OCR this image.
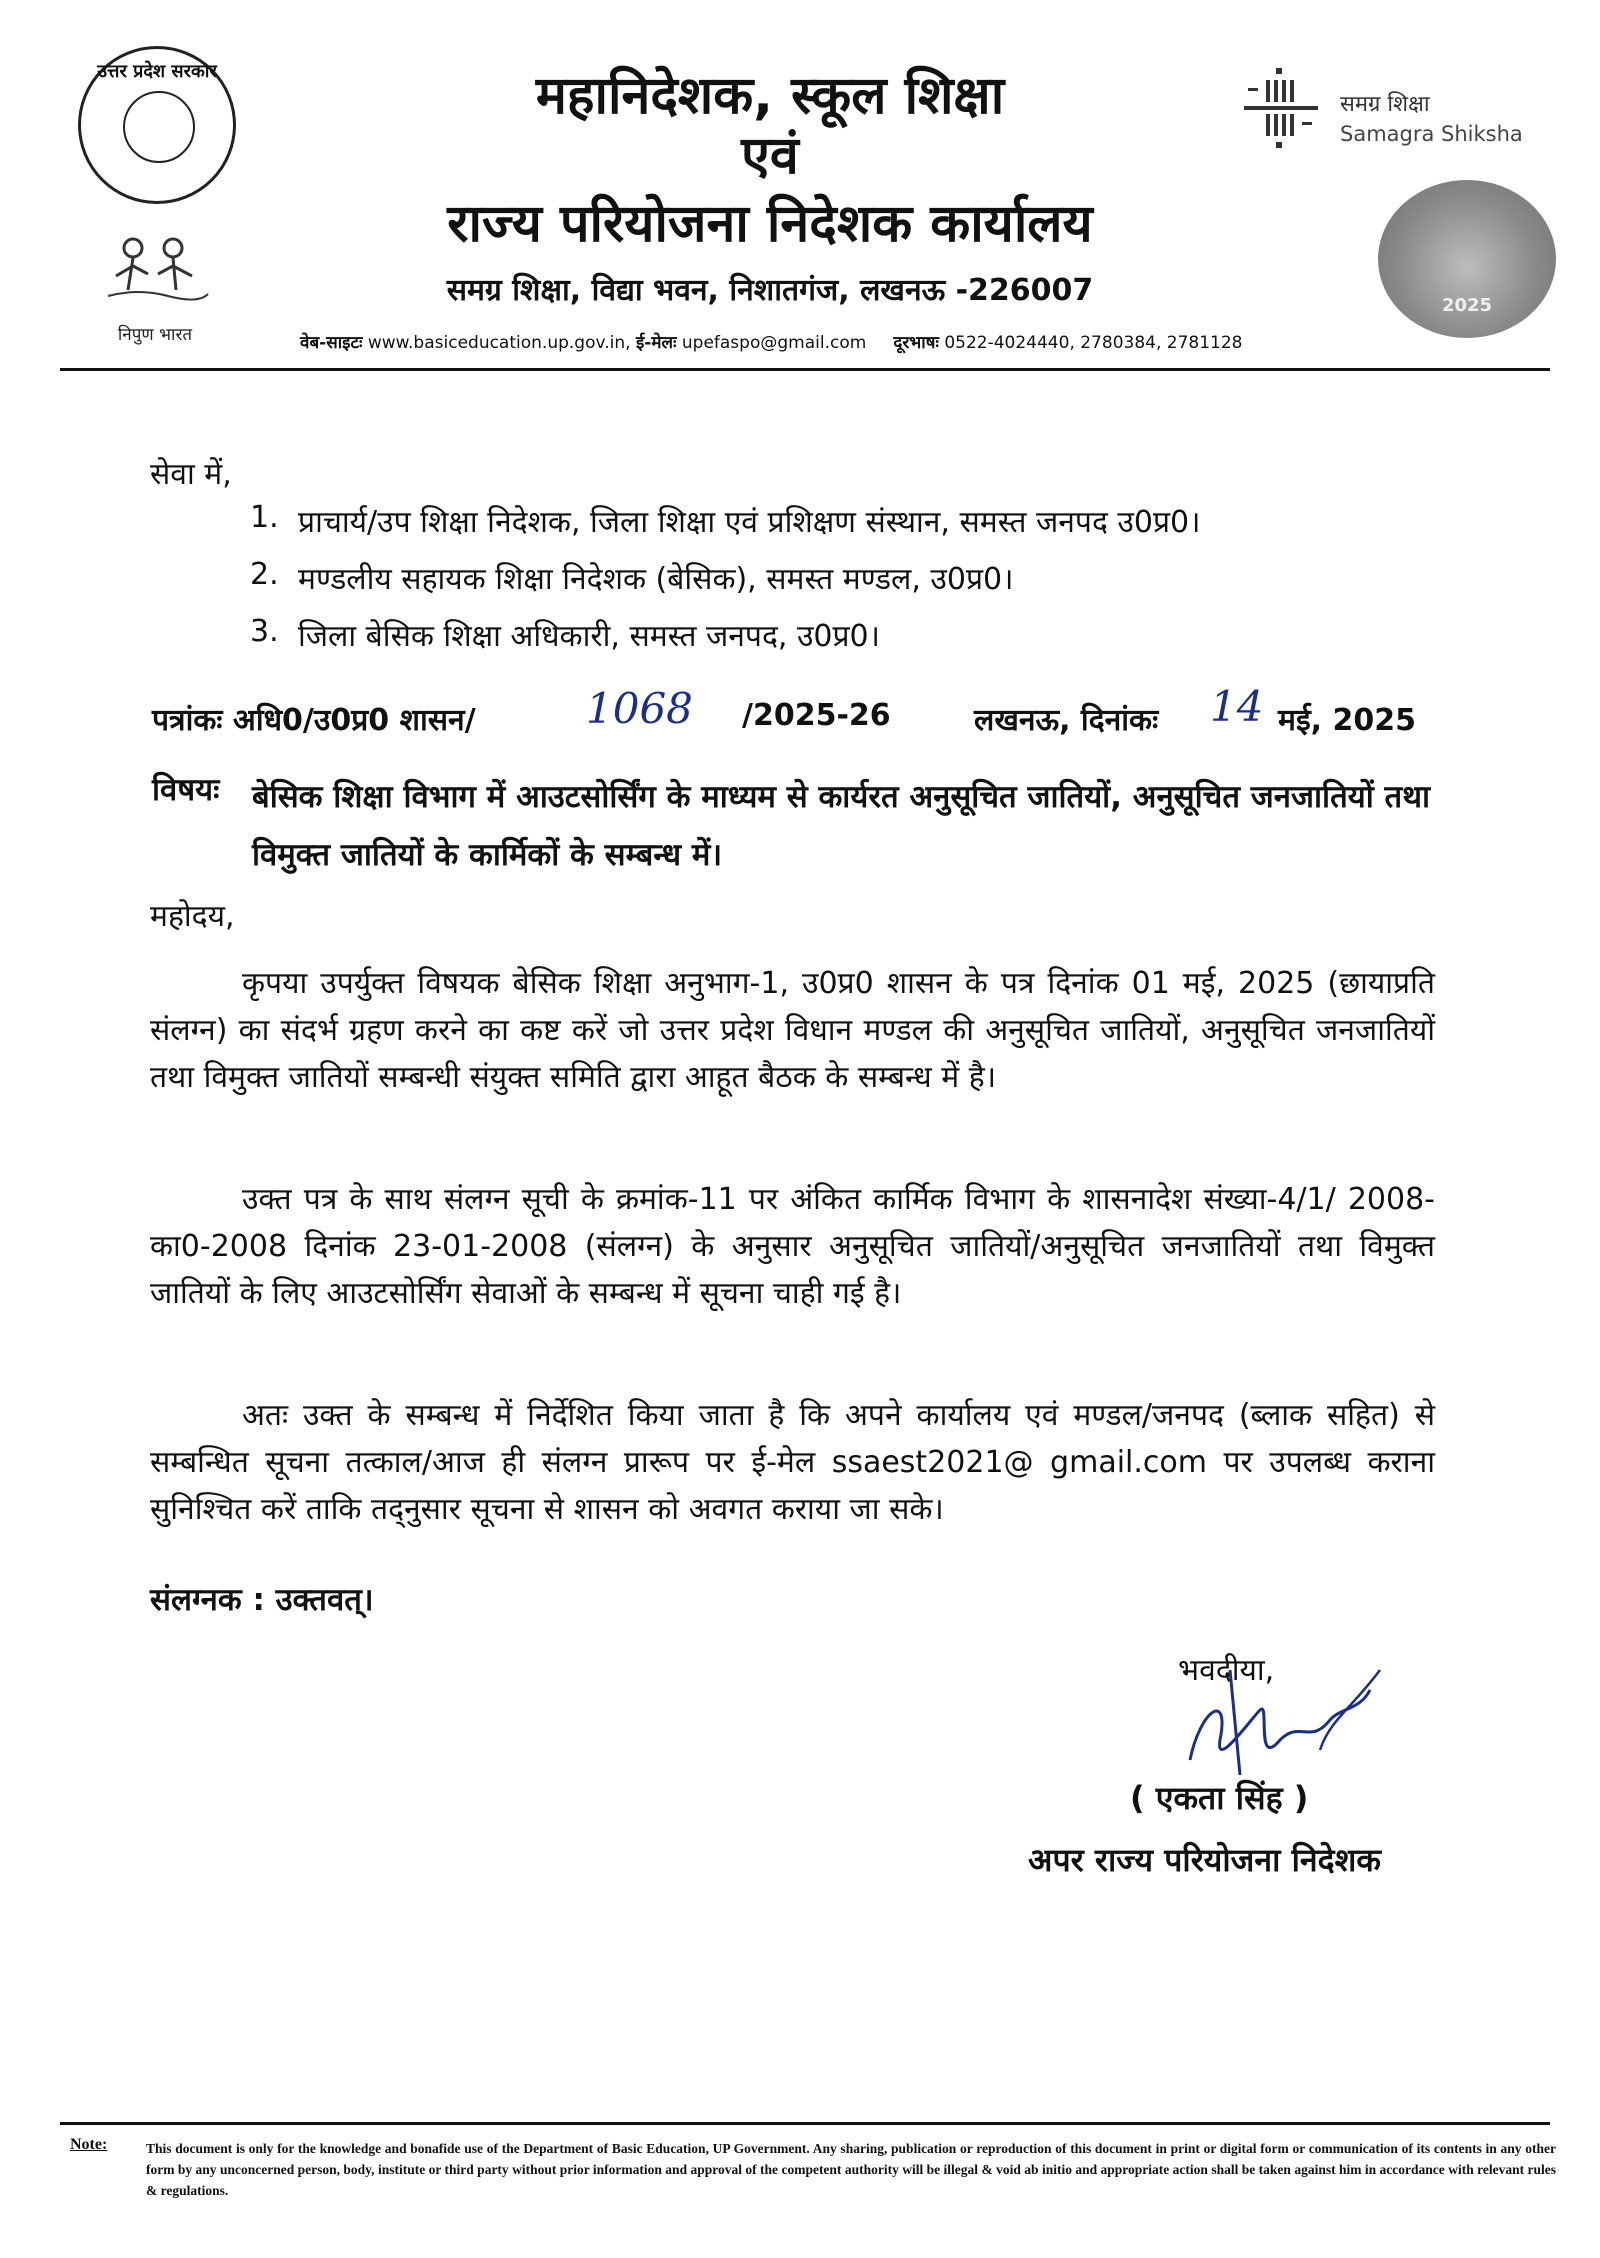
उत्तर प्रदेश सरकार
निपुण भारत
महानिदेशक, स्कूल शिक्षा
एवं
राज्य परियोजना निदेशक कार्यालय
समग्र शिक्षा, विद्या भवन, निशातगंज, लखनऊ -226007
वेब-साइटः www.basiceducation.up.gov.in, ई-मेलः upefaspo@gmail.com दूरभाषः 0522-4024440, 2780384, 2781128
समग्र शिक्षा
Samagra Shiksha
2025
सेवा में,
1. प्राचार्य/उप शिक्षा निदेशक, जिला शिक्षा एवं प्रशिक्षण संस्थान, समस्त जनपद उ0प्र0।
2. मण्डलीय सहायक शिक्षा निदेशक (बेसिक), समस्त मण्डल, उ0प्र0।
3. जिला बेसिक शिक्षा अधिकारी, समस्त जनपद, उ0प्र0।
पत्रांकः अधि0/उ0प्र0 शासन/	1068 /2025-26	लखनऊ, दिनांकः 14 मई, 2025
विषयः बेसिक शिक्षा विभाग में आउटसोर्सिंग के माध्यम से कार्यरत अनुसूचित जातियों, अनुसूचित जनजातियों तथा विमुक्त जातियों के कार्मिकों के सम्बन्ध में।
महोदय,

कृपया उपर्युक्त विषयक बेसिक शिक्षा अनुभाग-1, उ0प्र0 शासन के पत्र दिनांक 01 मई, 2025 (छायाप्रति संलग्न) का संदर्भ ग्रहण करने का कष्ट करें जो उत्तर प्रदेश विधान मण्डल की अनुसूचित जातियों, अनुसूचित जनजातियों तथा विमुक्त जातियों सम्बन्धी संयुक्त समिति द्वारा आहूत बैठक के सम्बन्ध में है।

उक्त पत्र के साथ संलग्न सूची के क्रमांक-11 पर अंकित कार्मिक विभाग के शासनादेश संख्या-4/1/ 2008- का0-2008 दिनांक 23-01-2008 (संलग्न) के अनुसार अनुसूचित जातियों/अनुसूचित जनजातियों तथा विमुक्त जातियों के लिए आउटसोर्सिंग सेवाओं के सम्बन्ध में सूचना चाही गई है।

अतः उक्त के सम्बन्ध में निर्देशित किया जाता है कि अपने कार्यालय एवं मण्डल/जनपद (ब्लाक सहित) से सम्बन्धित सूचना तत्काल/आज ही संलग्न प्रारूप पर ई-मेल ssaest2021@ gmail.com पर उपलब्ध कराना सुनिश्चित करें ताकि तद्नुसार सूचना से शासन को अवगत कराया जा सके।

संलग्नक : उक्तवत्।
भवदीया,
( एकता सिंह )
अपर राज्य परियोजना निदेशक
Note:	This document is only for the knowledge and bonafide use of the Department of Basic Education, UP Government. Any sharing, publication or reproduction of this document in print or digital form or communication of its contents in any other form by any unconcerned person, body, institute or third party without prior information and approval of the competent authority will be illegal & void ab initio and appropriate action shall be taken against him in accordance with relevant rules & regulations.
